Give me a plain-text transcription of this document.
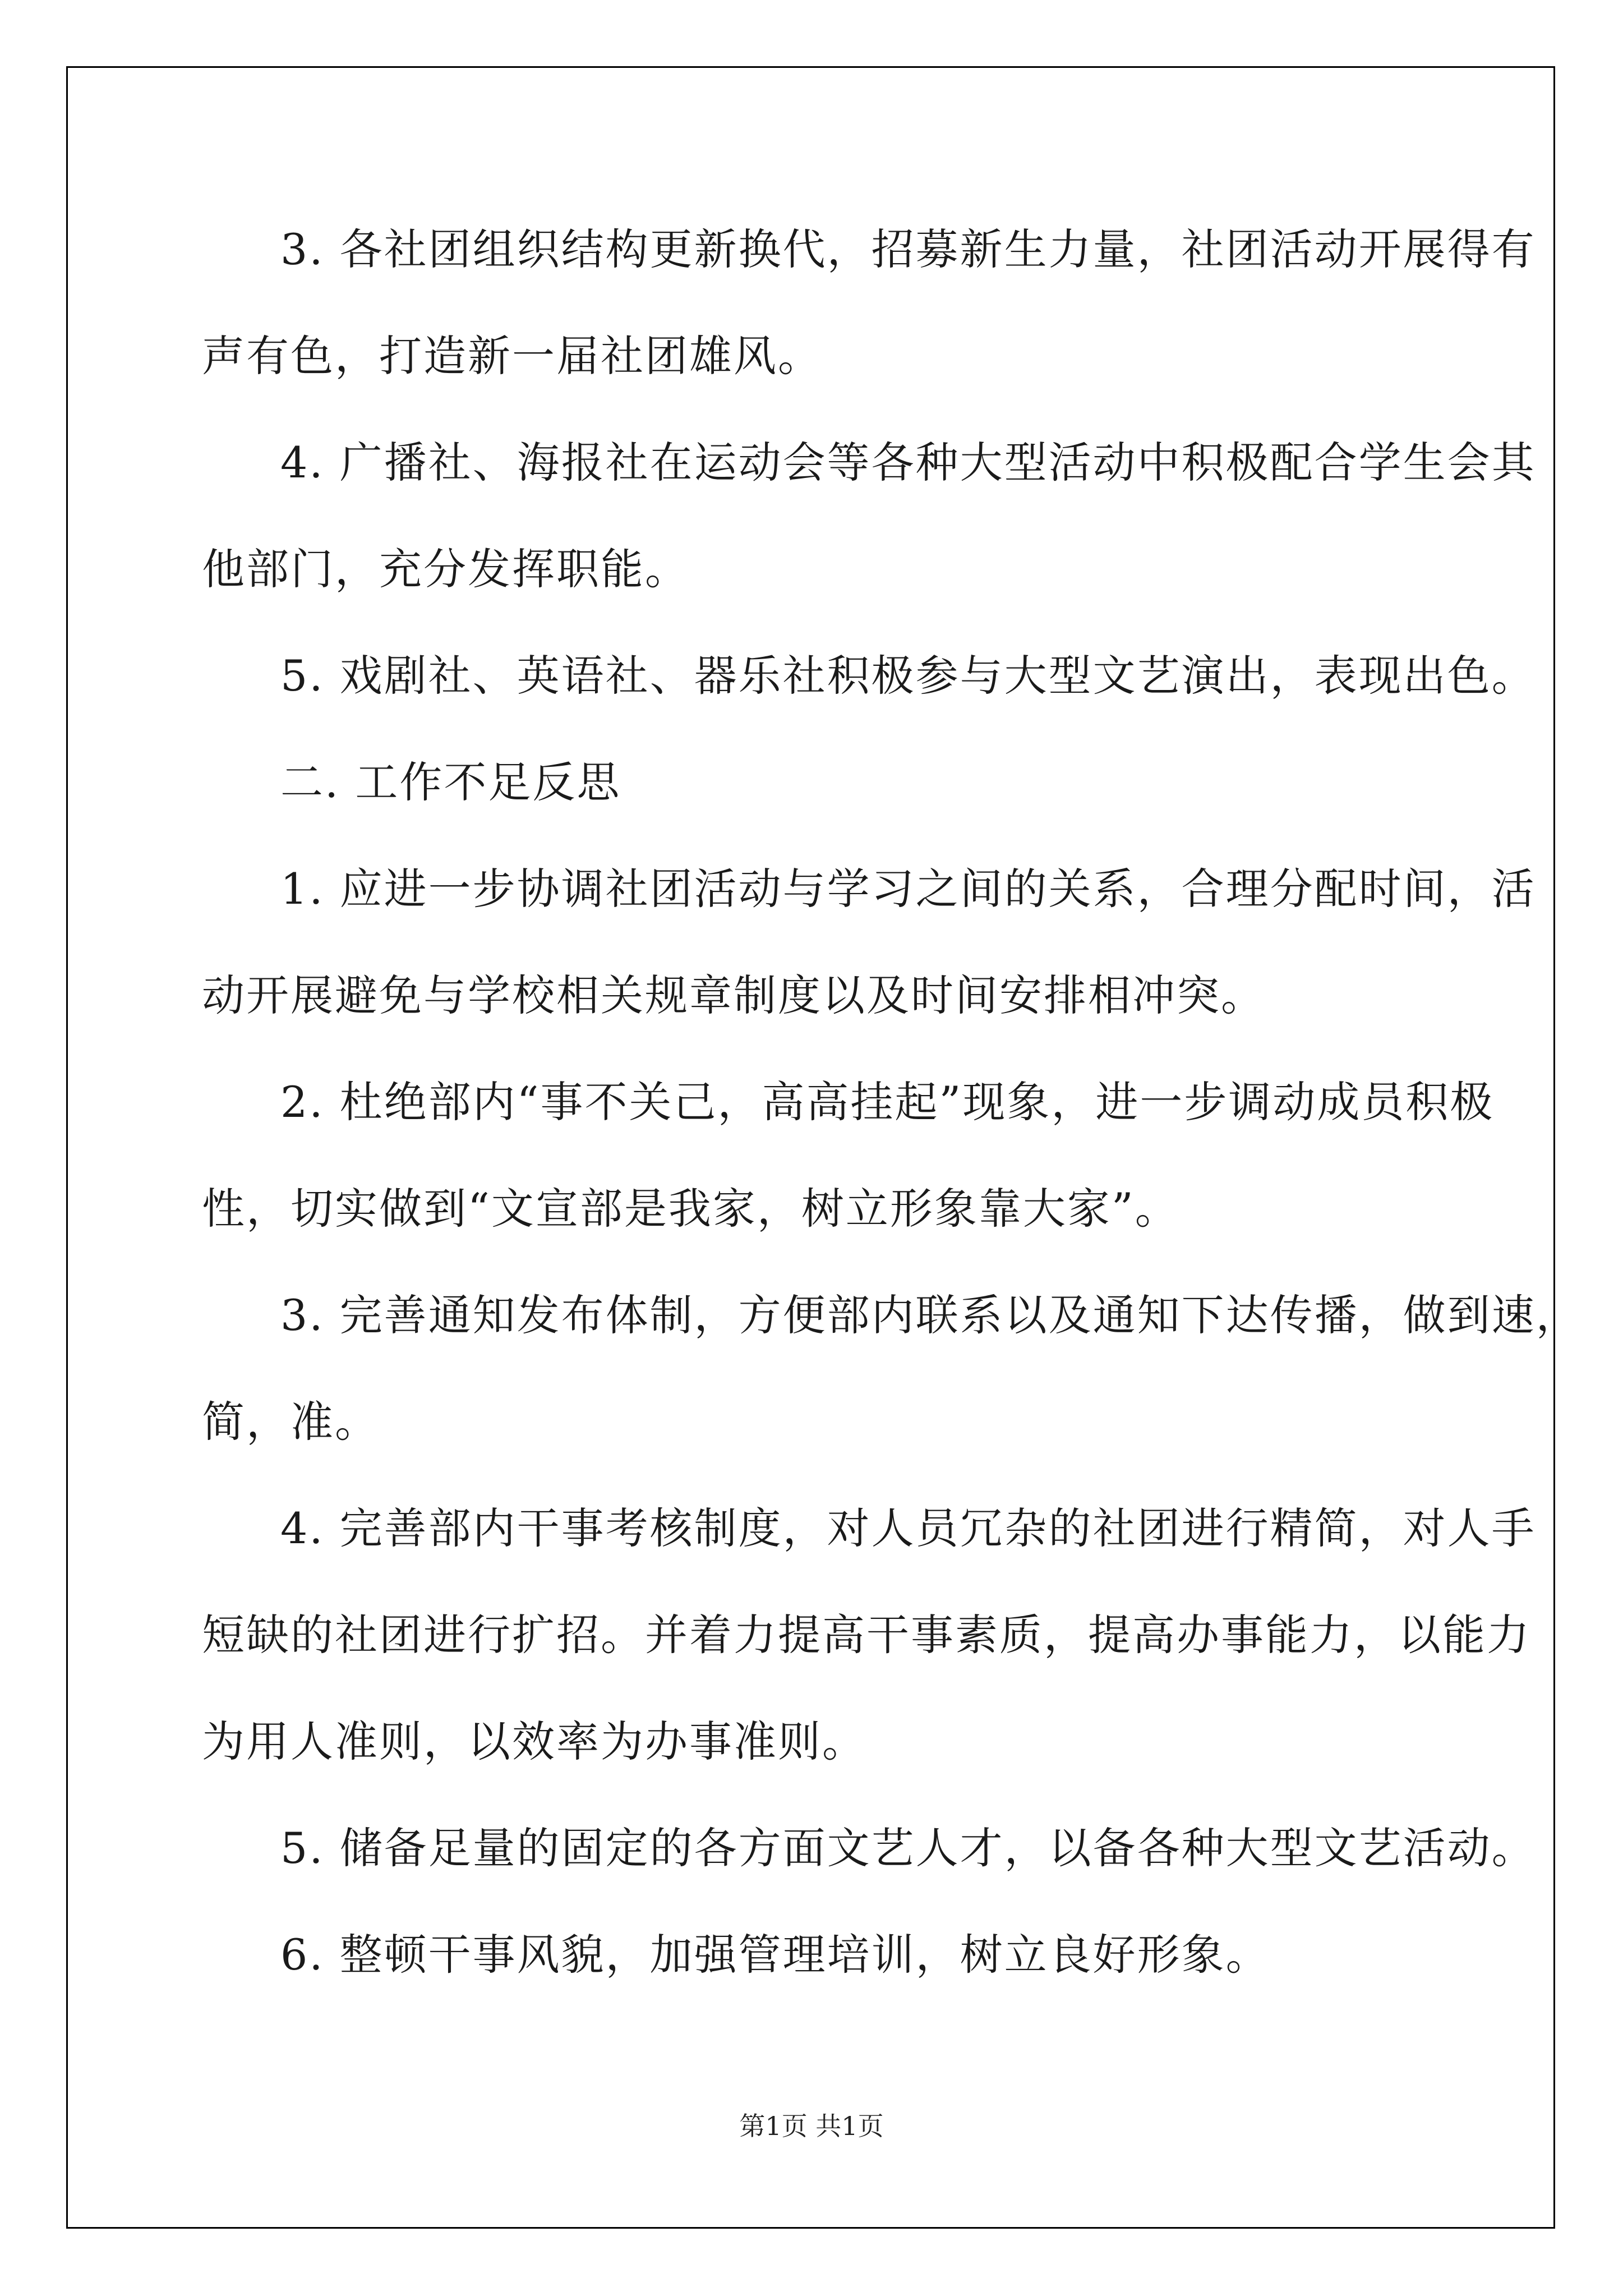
3. 各社团组织结构更新换代，招募新生力量，社团活动开展得有
声有色，打造新一届社团雄风。
4. 广播社、海报社在运动会等各种大型活动中积极配合学生会其
他部门，充分发挥职能。
5. 戏剧社、英语社、器乐社积极参与大型文艺演出，表现出色。
二. 工作不足反思
1. 应进一步协调社团活动与学习之间的关系，合理分配时间，活
动开展避免与学校相关规章制度以及时间安排相冲突。
2. 杜绝部内“事不关己，高高挂起”现象，进一步调动成员积极
性，切实做到“文宣部是我家，树立形象靠大家”。
3. 完善通知发布体制，方便部内联系以及通知下达传播，做到速，
简，准。
4. 完善部内干事考核制度，对人员冗杂的社团进行精简，对人手
短缺的社团进行扩招。并着力提高干事素质，提高办事能力，以能力
为用人准则，以效率为办事准则。
5. 储备足量的固定的各方面文艺人才，以备各种大型文艺活动。
6. 整顿干事风貌，加强管理培训，树立良好形象。
第1页 共1页
